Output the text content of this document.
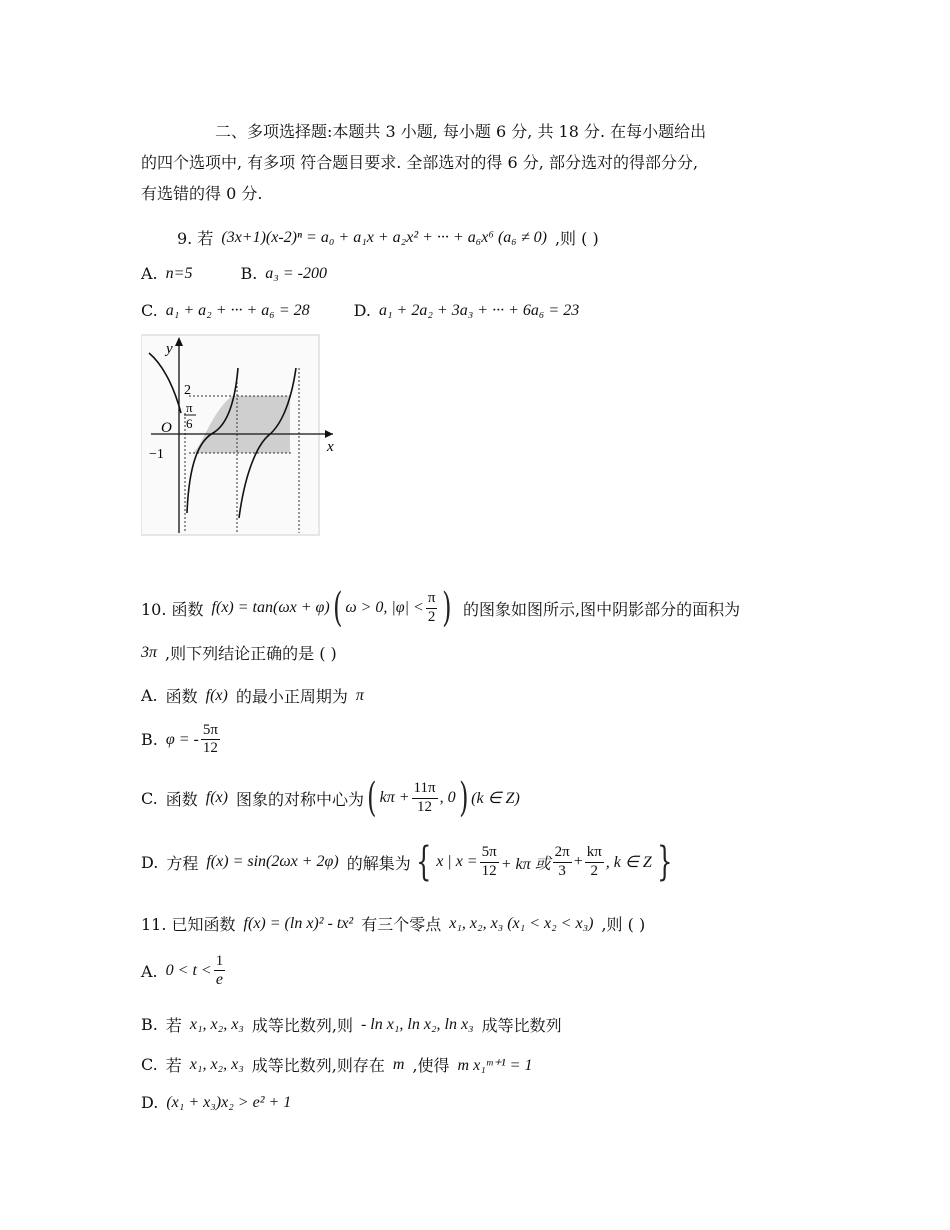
二、多项选择题:本题共 3 小题, 每小题 6 分, 共 18 分. 在每小题给出
的四个选项中, 有多项 符合题目要求. 全部选对的得 6 分, 部分选对的得部分分,
有选错的得 0 分.
9. 若 (3x+1)(x-2)ⁿ = a₀ + a₁x + a₂x² + ··· + a₆x⁶ (a₆ ≠ 0) ,则 ( )
A. n=5	B. a₃ = -200
C. a₁ + a₂ + ··· + a₆ = 28	D. a₁ + 2a₂ + 3a₃ + ··· + 6a₆ = 23
y
x
O
2
π
6
−1
10. 函数 f(x) = tan(ωx + φ) ( ω > 0, $|\varphi| < \frac{\pi}{2}$ ) 的图象如图所示,图中阴影部分的面积为
3π ,则下列结论正确的是 ( )
A. 函数 f(x) 的最小正周期为 π
B. φ = - $\frac{5\pi}{12}$
C. 函数 f(x) 图象的对称中心为 ( $k\pi + \frac{11\pi}{12}$ , 0 ) (k ∈ Z)
D. 方程 f(x) = sin(2ωx + 2φ) 的解集为 { x | $x = \frac{5\pi}{12} + k\pi$ 或 $\frac{2\pi}{3} + \frac{k\pi}{2}$ , k ∈ Z }
11. 已知函数 f(x) = (ln x)² - tx² 有三个零点 x₁, x₂, x₃ (x₁ < x₂ < x₃) ,则 ( )
A. $0 < t < \frac{1}{e}$
B. 若 x₁, x₂, x₃ 成等比数列,则 - ln x₁, ln x₂, ln x₃ 成等比数列
C. 若 x₁, x₂, x₃ 成等比数列,则存在 m ,使得 m x₁ᵐ⁺¹ = 1
D. (x₁ + x₃)x₂ > e² + 1
